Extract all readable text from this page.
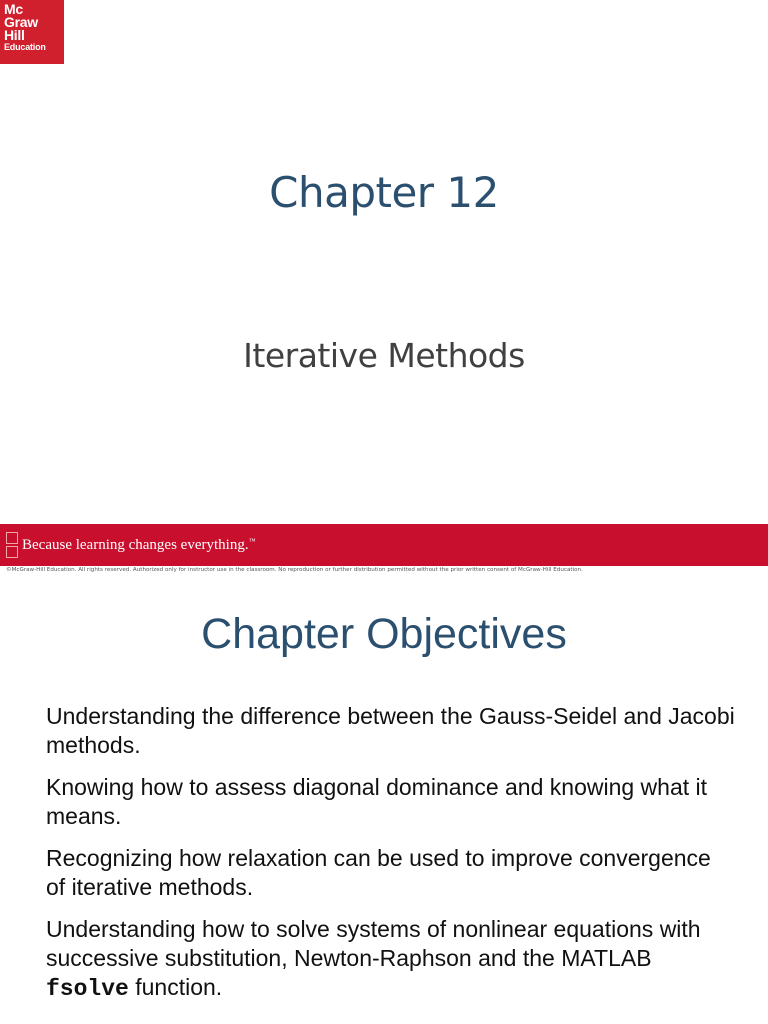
Mc
Graw
Hill
Education
Chapter 12
Iterative Methods
Because learning changes everything.™
©McGraw-Hill Education. All rights reserved. Authorized only for instructor use in the classroom. No reproduction or further distribution permitted without the prior written consent of McGraw-Hill Education.
Chapter Objectives
Understanding the difference between the Gauss-Seidel and Jacobi methods.
Knowing how to assess diagonal dominance and knowing what it means.
Recognizing how relaxation can be used to improve convergence of iterative methods.
Understanding how to solve systems of nonlinear equations with successive substitution, Newton-Raphson and the MATLAB fsolve function.
